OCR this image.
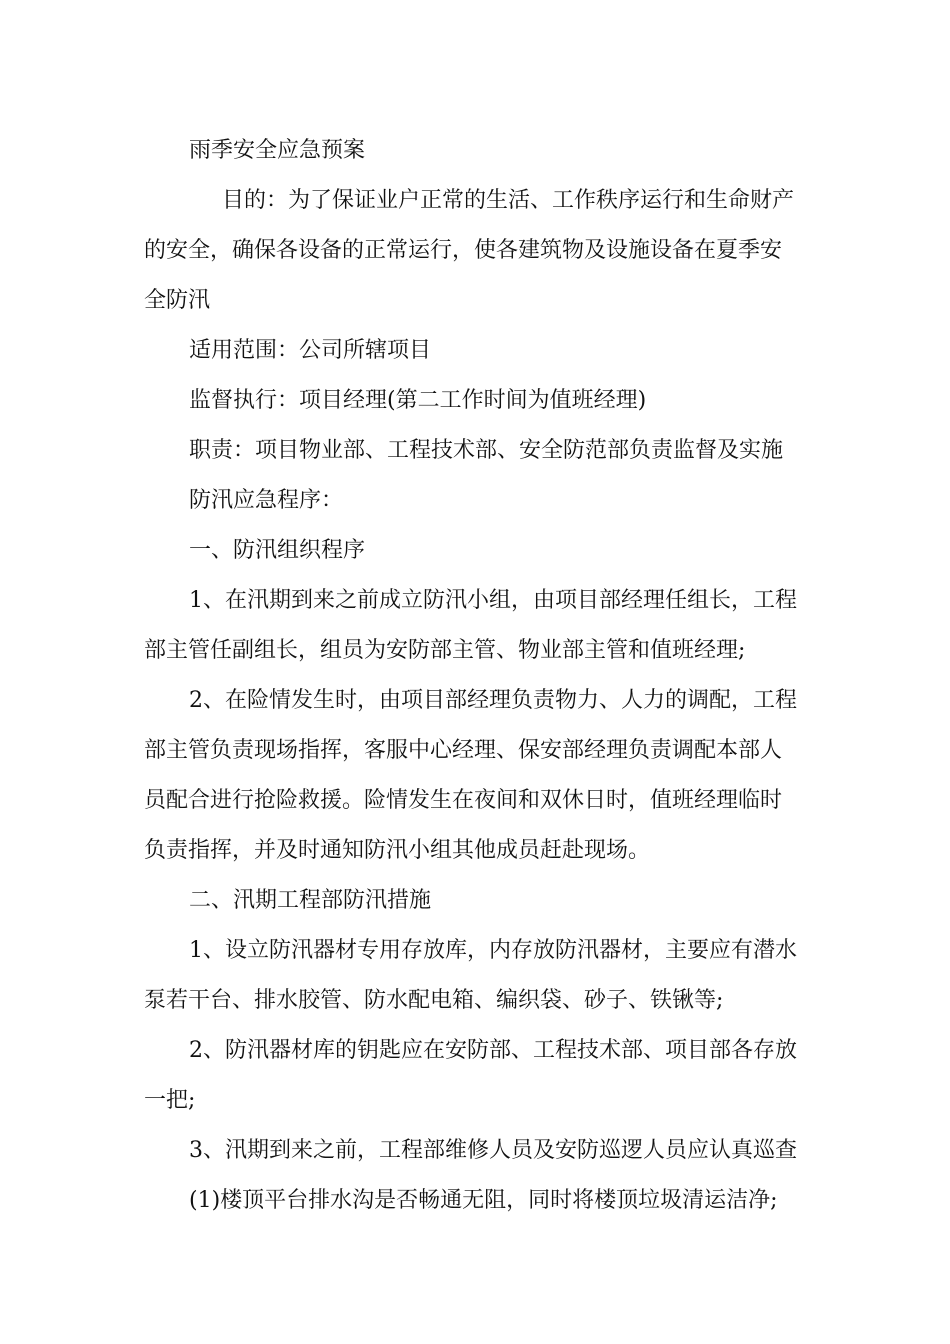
雨季安全应急预案
目的：为了保证业户正常的生活、工作秩序运行和生命财产
的安全，确保各设备的正常运行，使各建筑物及设施设备在夏季安
全防汛
适用范围：公司所辖项目
监督执行：项目经理(第二工作时间为值班经理)
职责：项目物业部、工程技术部、安全防范部负责监督及实施
防汛应急程序：
一、防汛组织程序
1、在汛期到来之前成立防汛小组，由项目部经理任组长，工程
部主管任副组长，组员为安防部主管、物业部主管和值班经理;
2、在险情发生时，由项目部经理负责物力、人力的调配，工程
部主管负责现场指挥，客服中心经理、保安部经理负责调配本部人
员配合进行抢险救援。险情发生在夜间和双休日时，值班经理临时
负责指挥，并及时通知防汛小组其他成员赶赴现场。
二、汛期工程部防汛措施
1、设立防汛器材专用存放库，内存放防汛器材，主要应有潜水
泵若干台、排水胶管、防水配电箱、编织袋、砂子、铁锹等;
2、防汛器材库的钥匙应在安防部、工程技术部、项目部各存放
一把;
3、汛期到来之前，工程部维修人员及安防巡逻人员应认真巡查
(1)楼顶平台排水沟是否畅通无阻，同时将楼顶垃圾清运洁净;
